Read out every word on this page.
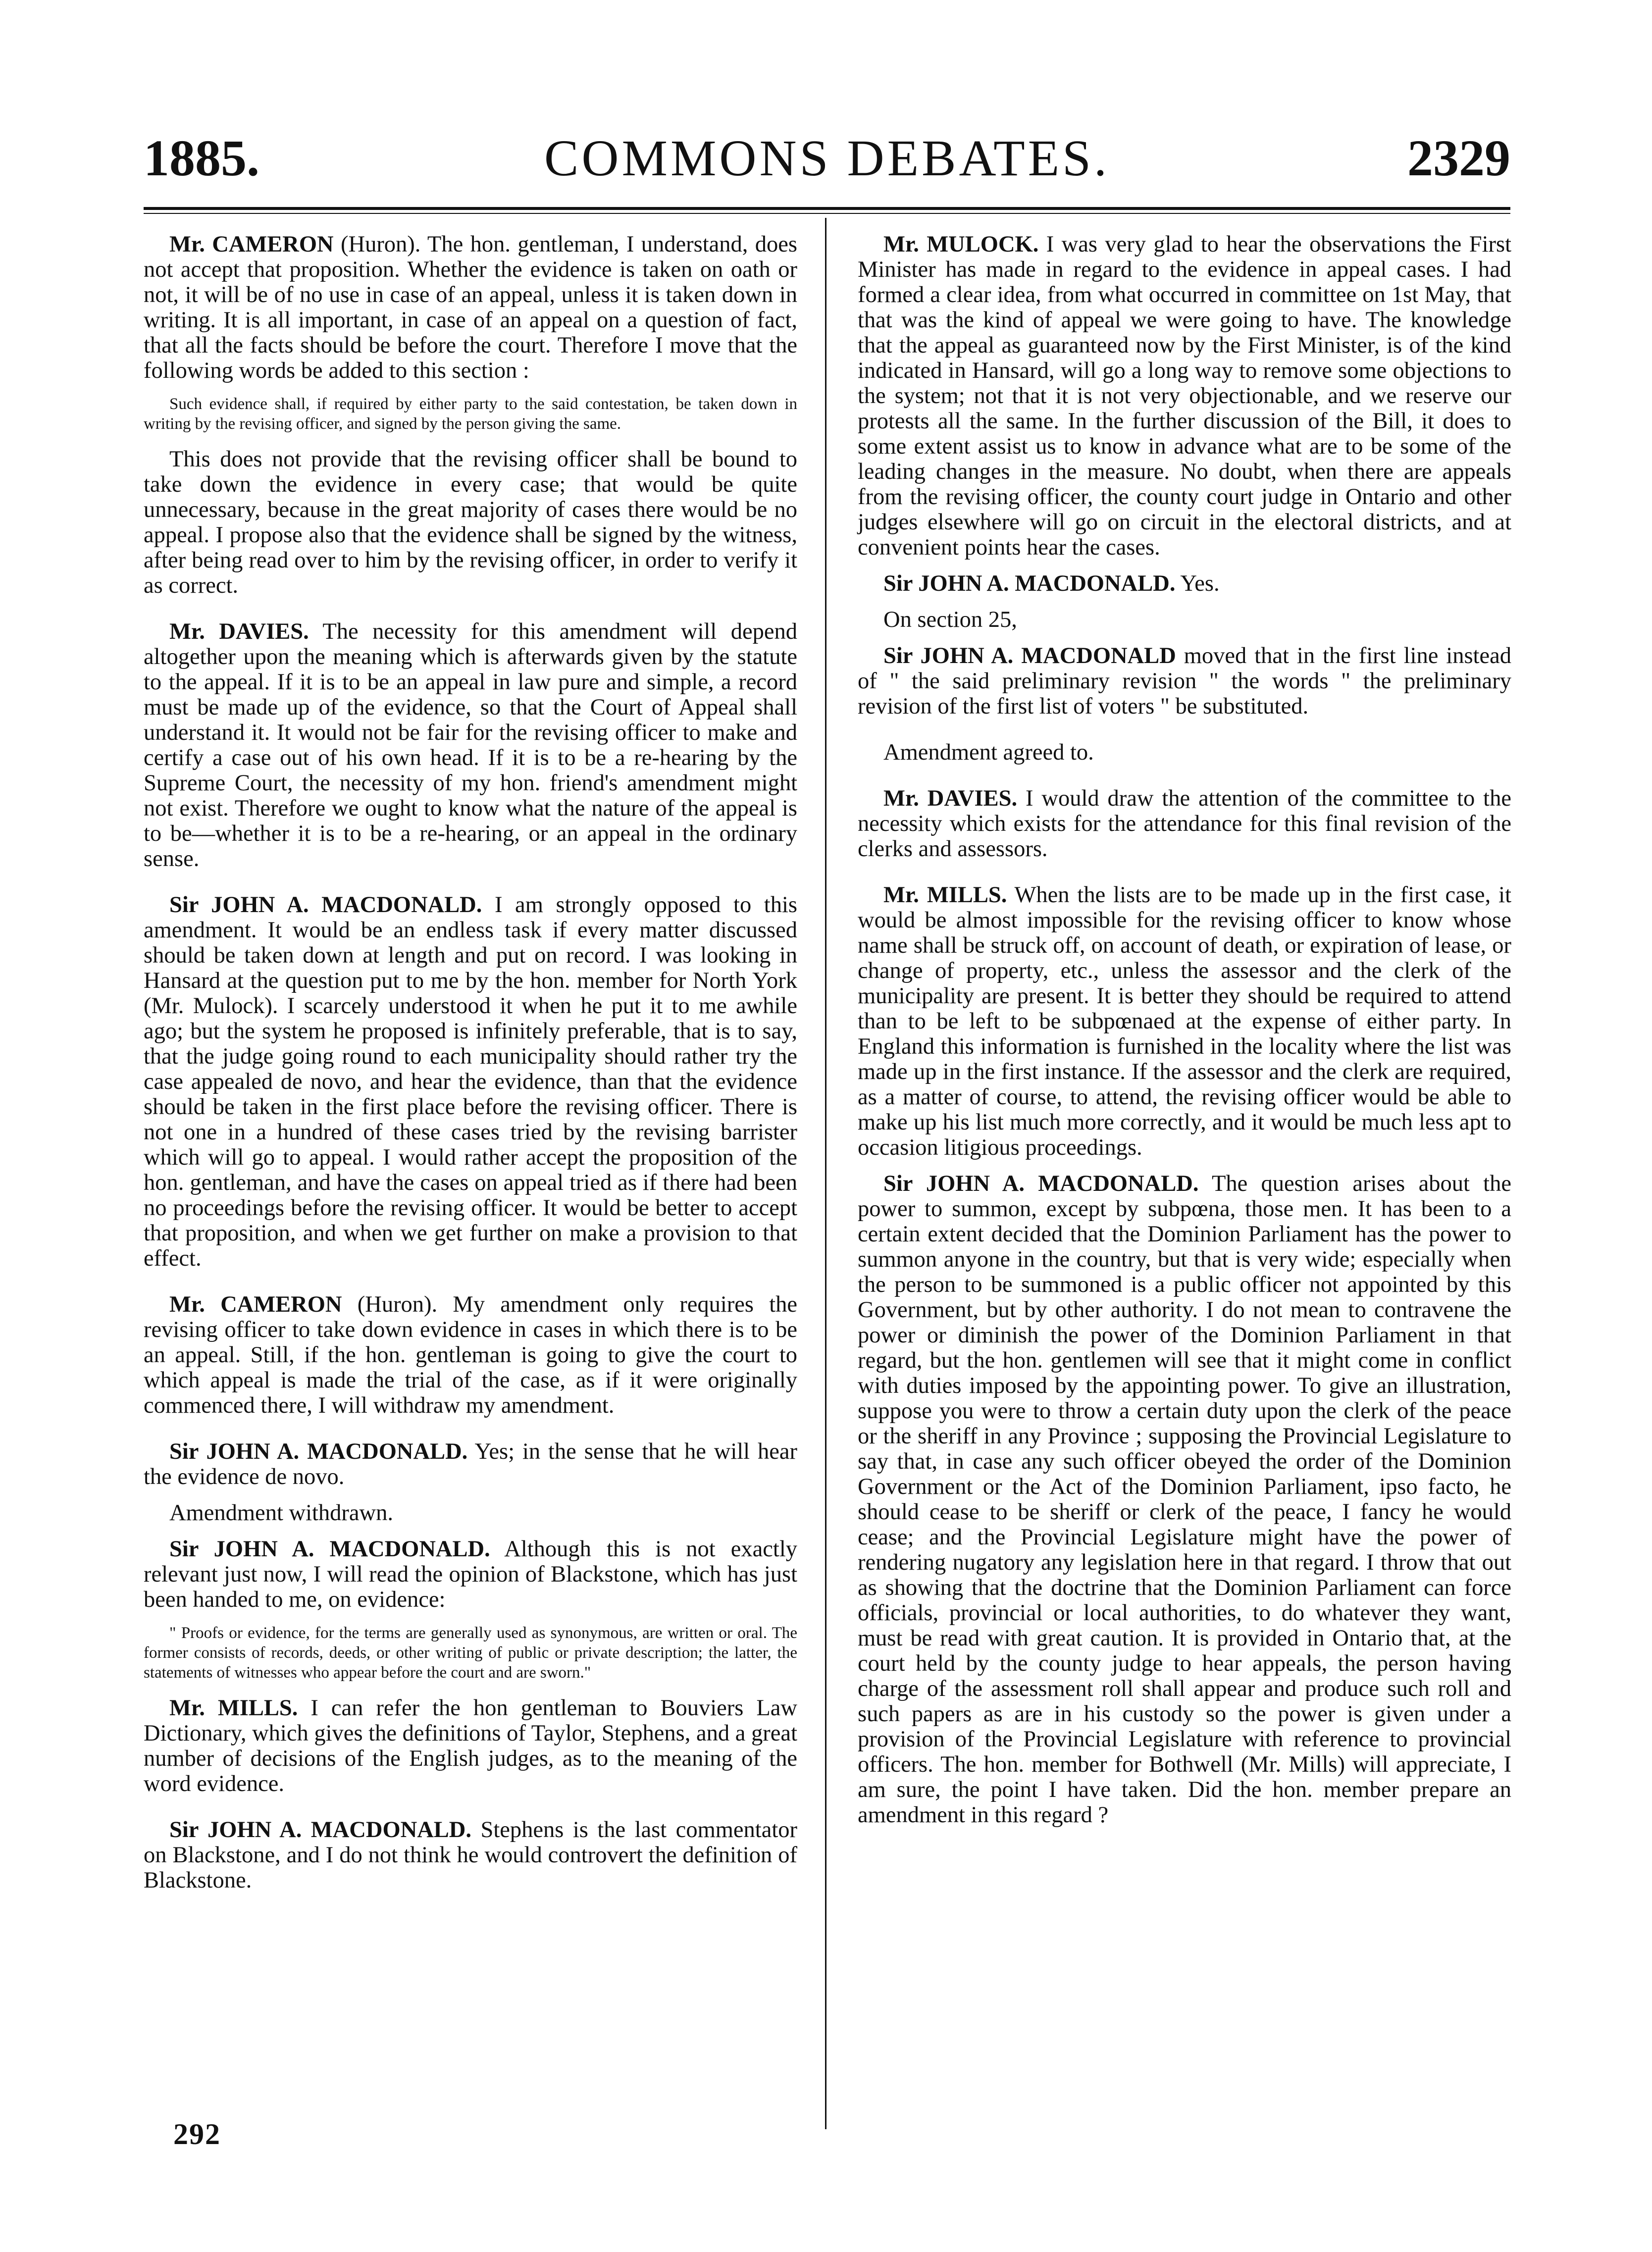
1885.	COMMONS DEBATES.	2329

Mr. CAMERON (Huron). The hon. gentleman, I understand, does not accept that proposition. Whether the evidence is taken on oath or not, it will be of no use in case of an appeal, unless it is taken down in writing. It is all important, in case of an appeal on a question of fact, that all the facts should be before the court. Therefore I move that the following words be added to this section :

Such evidence shall, if required by either party to the said contestation, be taken down in writing by the revising officer, and signed by the person giving the same.

This does not provide that the revising officer shall be bound to take down the evidence in every case; that would be quite unnecessary, because in the great majority of cases there would be no appeal. I propose also that the evidence shall be signed by the witness, after being read over to him by the revising officer, in order to verify it as correct.

Mr. DAVIES. The necessity for this amendment will depend altogether upon the meaning which is afterwards given by the statute to the appeal. If it is to be an appeal in law pure and simple, a record must be made up of the evidence, so that the Court of Appeal shall understand it. It would not be fair for the revising officer to make and certify a case out of his own head. If it is to be a re-hearing by the Supreme Court, the necessity of my hon. friend's amendment might not exist. Therefore we ought to know what the nature of the appeal is to be—whether it is to be a re-hearing, or an appeal in the ordinary sense.

Sir JOHN A. MACDONALD. I am strongly opposed to this amendment. It would be an endless task if every matter discussed should be taken down at length and put on record. I was looking in Hansard at the question put to me by the hon. member for North York (Mr. Mulock). I scarcely understood it when he put it to me awhile ago; but the system he proposed is infinitely preferable, that is to say, that the judge going round to each municipality should rather try the case appealed de novo, and hear the evidence, than that the evidence should be taken in the first place before the revising officer. There is not one in a hundred of these cases tried by the revising barrister which will go to appeal. I would rather accept the proposition of the hon. gentleman, and have the cases on appeal tried as if there had been no proceedings before the revising officer. It would be better to accept that proposition, and when we get further on make a provision to that effect.

Mr. CAMERON (Huron). My amendment only requires the revising officer to take down evidence in cases in which there is to be an appeal. Still, if the hon. gentleman is going to give the court to which appeal is made the trial of the case, as if it were originally commenced there, I will withdraw my amendment.

Sir JOHN A. MACDONALD. Yes; in the sense that he will hear the evidence de novo.

Amendment withdrawn.

Sir JOHN A. MACDONALD. Although this is not exactly relevant just now, I will read the opinion of Blackstone, which has just been handed to me, on evidence:

" Proofs or evidence, for the terms are generally used as synonymous, are written or oral. The former consists of records, deeds, or other writing of public or private description; the latter, the statements of witnesses who appear before the court and are sworn."

Mr. MILLS. I can refer the hon gentleman to Bouviers Law Dictionary, which gives the definitions of Taylor, Stephens, and a great number of decisions of the English judges, as to the meaning of the word evidence.

Sir JOHN A. MACDONALD. Stephens is the last commentator on Blackstone, and I do not think he would controvert the definition of Blackstone.

Mr. MULOCK. I was very glad to hear the observations the First Minister has made in regard to the evidence in appeal cases. I had formed a clear idea, from what occurred in committee on 1st May, that that was the kind of appeal we were going to have. The knowledge that the appeal as guaranteed now by the First Minister, is of the kind indicated in Hansard, will go a long way to remove some objections to the system; not that it is not very objectionable, and we reserve our protests all the same. In the further discussion of the Bill, it does to some extent assist us to know in advance what are to be some of the leading changes in the measure. No doubt, when there are appeals from the revising officer, the county court judge in Ontario and other judges elsewhere will go on circuit in the electoral districts, and at convenient points hear the cases.

Sir JOHN A. MACDONALD. Yes.

On section 25,

Sir JOHN A. MACDONALD moved that in the first line instead of " the said preliminary revision " the words " the preliminary revision of the first list of voters " be substituted.

Amendment agreed to.

Mr. DAVIES. I would draw the attention of the committee to the necessity which exists for the attendance for this final revision of the clerks and assessors.

Mr. MILLS. When the lists are to be made up in the first case, it would be almost impossible for the revising officer to know whose name shall be struck off, on account of death, or expiration of lease, or change of property, etc., unless the assessor and the clerk of the municipality are present. It is better they should be required to attend than to be left to be subpœnaed at the expense of either party. In England this information is furnished in the locality where the list was made up in the first instance. If the assessor and the clerk are required, as a matter of course, to attend, the revising officer would be able to make up his list much more correctly, and it would be much less apt to occasion litigious proceedings.

Sir JOHN A. MACDONALD. The question arises about the power to summon, except by subpœna, those men. It has been to a certain extent decided that the Dominion Parliament has the power to summon anyone in the country, but that is very wide; especially when the person to be summoned is a public officer not appointed by this Government, but by other authority. I do not mean to contravene the power or diminish the power of the Dominion Parliament in that regard, but the hon. gentlemen will see that it might come in conflict with duties imposed by the appointing power. To give an illustration, suppose you were to throw a certain duty upon the clerk of the peace or the sheriff in any Province ; supposing the Provincial Legislature to say that, in case any such officer obeyed the order of the Dominion Government or the Act of the Dominion Parliament, ipso facto, he should cease to be sheriff or clerk of the peace, I fancy he would cease; and the Provincial Legislature might have the power of rendering nugatory any legislation here in that regard. I throw that out as showing that the doctrine that the Dominion Parliament can force officials, provincial or local authorities, to do whatever they want, must be read with great caution. It is provided in Ontario that, at the court held by the county judge to hear appeals, the person having charge of the assessment roll shall appear and produce such roll and such papers as are in his custody so the power is given under a provision of the Provincial Legislature with reference to provincial officers. The hon. member for Bothwell (Mr. Mills) will appreciate, I am sure, the point I have taken. Did the hon. member prepare an amendment in this regard ?

292
